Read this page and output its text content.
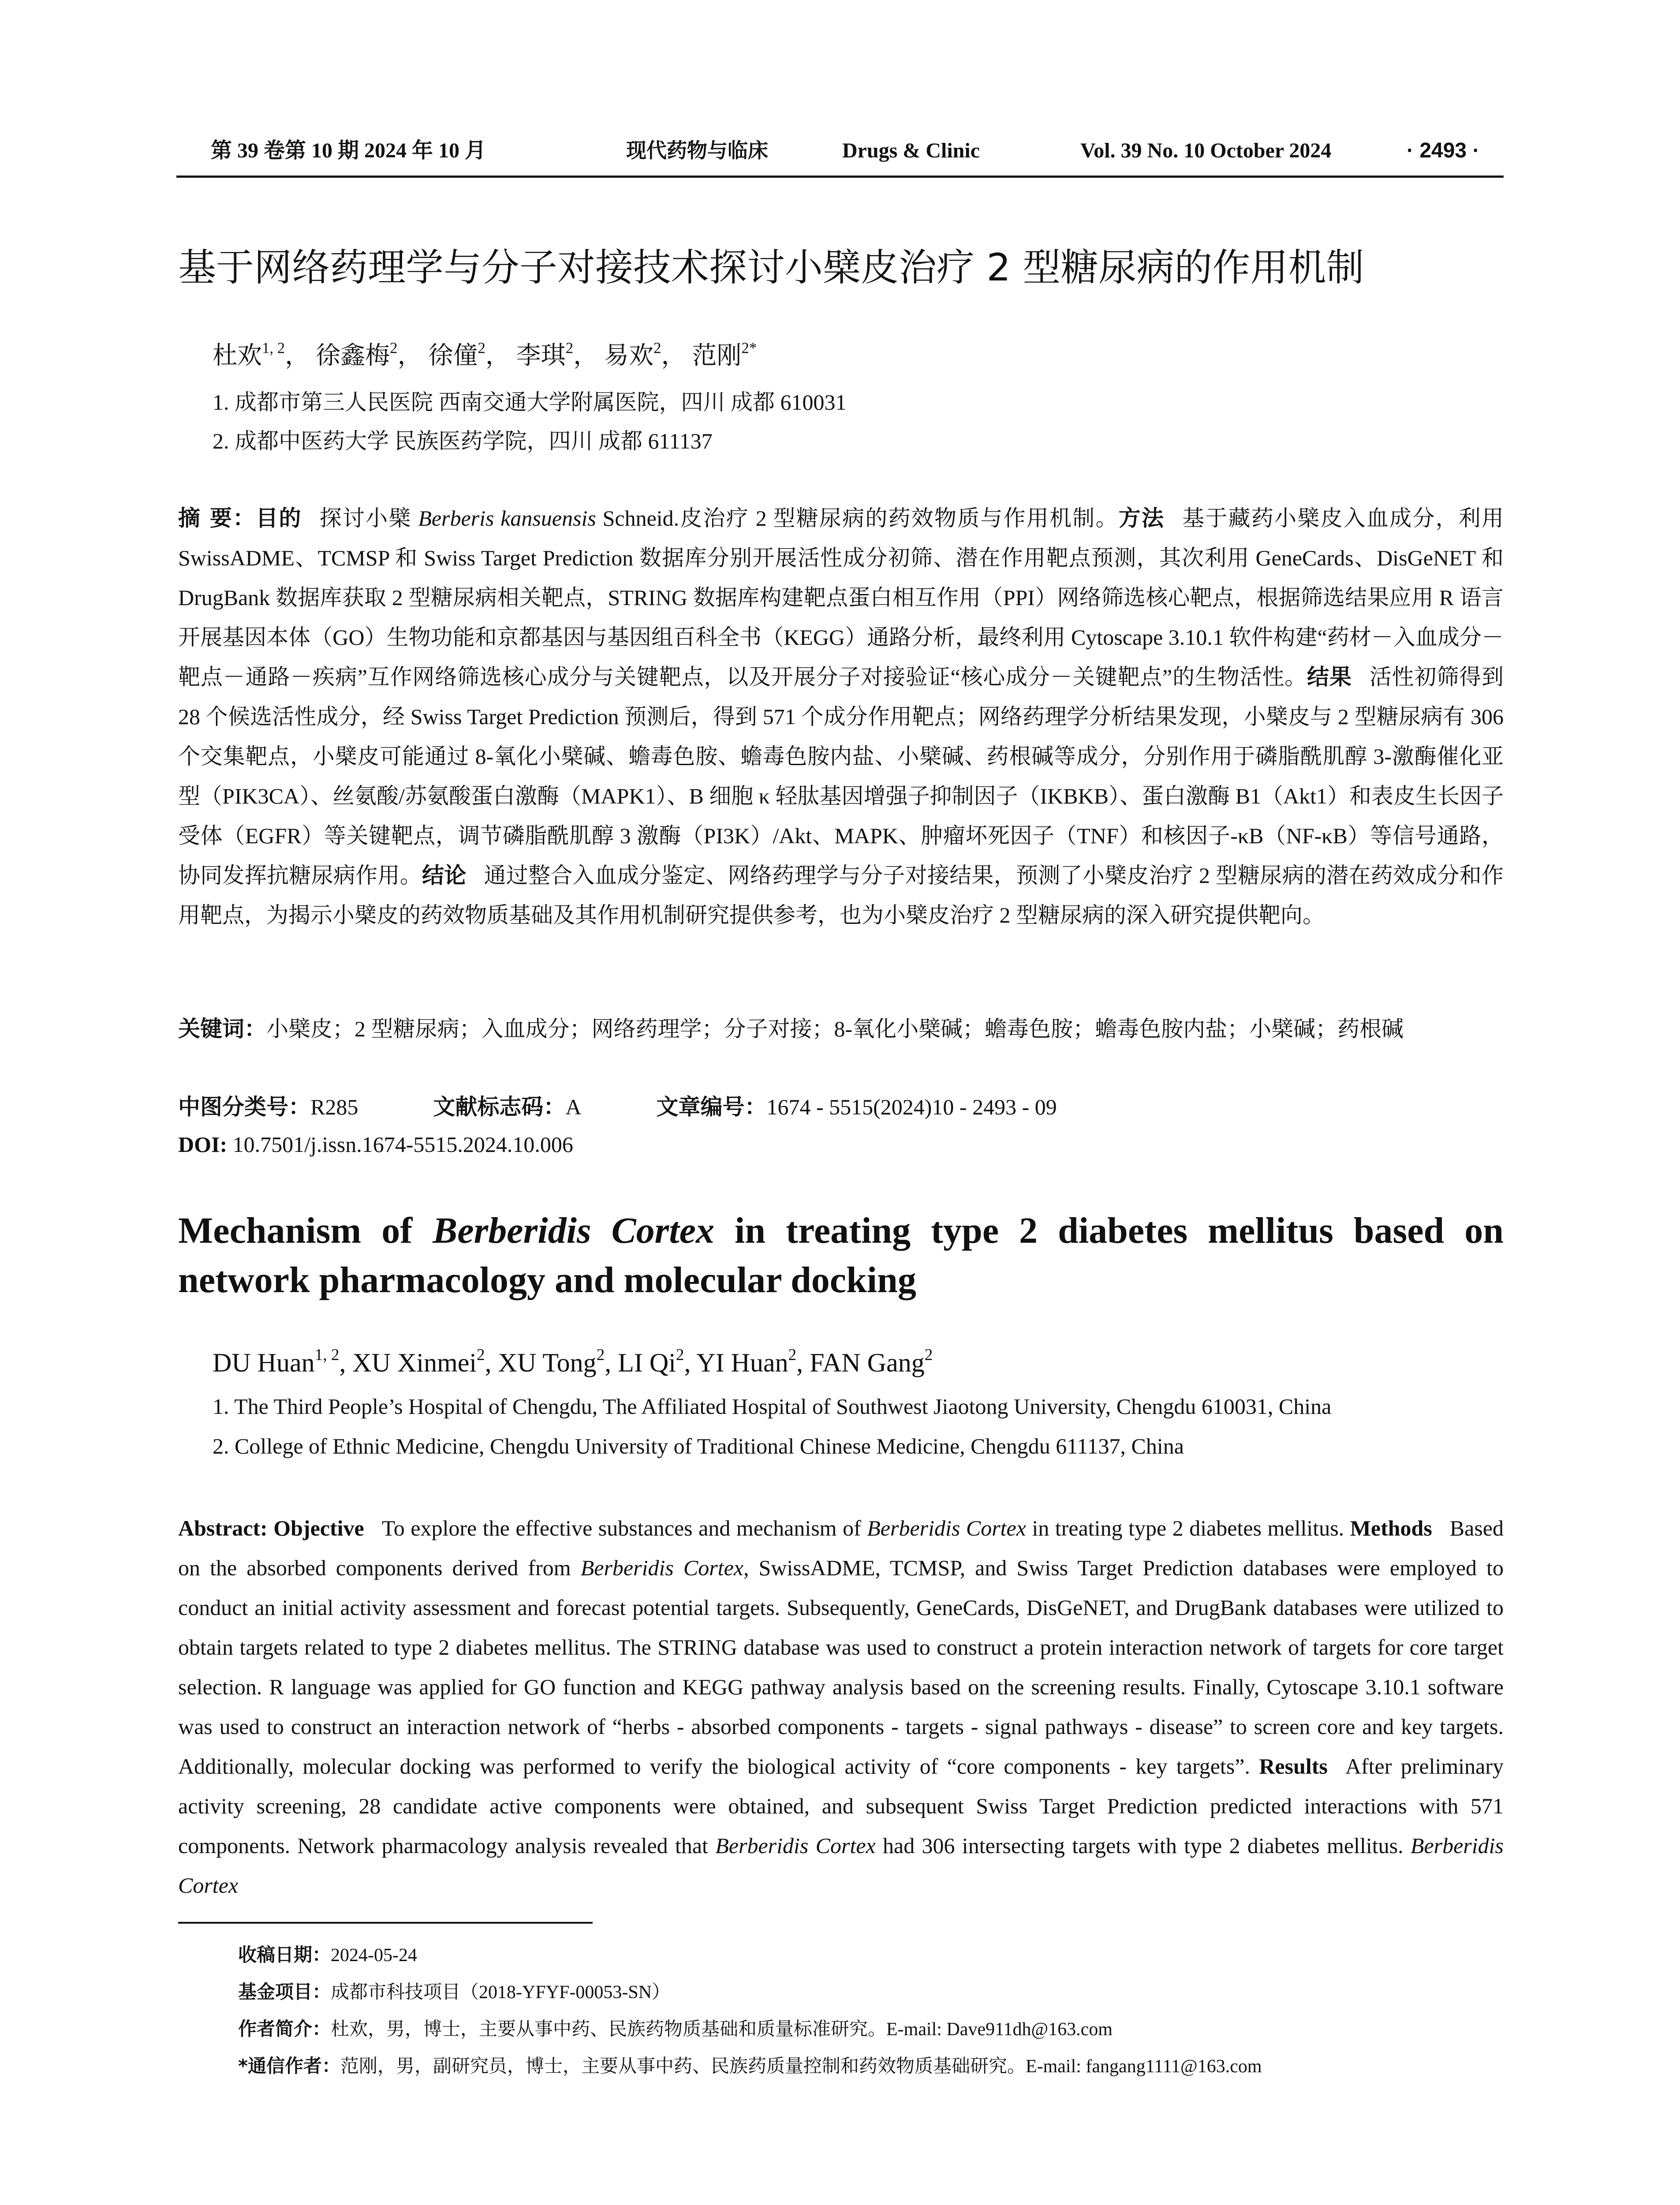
第 39 卷第 10 期 2024 年 10 月	现代药物与临床	Drugs & Clinic	Vol. 39 No. 10 October 2024	· 2493 ·
基于网络药理学与分子对接技术探讨小檗皮治疗 2 型糖尿病的作用机制
杜欢$^{1, 2}$， 徐鑫梅$^2$， 徐僮$^2$， 李琪$^2$， 易欢$^2$， 范刚$^{2*}$
1. 成都市第三人民医院 西南交通大学附属医院，四川 成都 610031
2. 成都中医药大学 民族医药学院，四川 成都 611137
摘 要：目的 探讨小檗 Berberis kansuensis Schneid.皮治疗 2 型糖尿病的药效物质与作用机制。方法 基于藏药小檗皮入血成分，利用 SwissADME、TCMSP 和 Swiss Target Prediction 数据库分别开展活性成分初筛、潜在作用靶点预测，其次利用 GeneCards、DisGeNET 和 DrugBank 数据库获取 2 型糖尿病相关靶点，STRING 数据库构建靶点蛋白相互作用（PPI）网络筛选核心靶点，根据筛选结果应用 R 语言开展基因本体（GO）生物功能和京都基因与基因组百科全书（KEGG）通路分析，最终利用 Cytoscape 3.10.1 软件构建“药材－入血成分－靶点－通路－疾病”互作网络筛选核心成分与关键靶点，以及开展分子对接验证“核心成分－关键靶点”的生物活性。结果 活性初筛得到 28 个候选活性成分，经 Swiss Target Prediction 预测后，得到 571 个成分作用靶点；网络药理学分析结果发现，小檗皮与 2 型糖尿病有 306 个交集靶点，小檗皮可能通过 8-氧化小檗碱、蟾毒色胺、蟾毒色胺内盐、小檗碱、药根碱等成分，分别作用于磷脂酰肌醇 3-激酶催化亚型（PIK3CA）、丝氨酸/苏氨酸蛋白激酶（MAPK1）、B 细胞 κ 轻肽基因增强子抑制因子（IKBKB）、蛋白激酶 B1（Akt1）和表皮生长因子受体（EGFR）等关键靶点，调节磷脂酰肌醇 3 激酶（PI3K）/Akt、MAPK、肿瘤坏死因子（TNF）和核因子-κB（NF-κB）等信号通路，协同发挥抗糖尿病作用。结论 通过整合入血成分鉴定、网络药理学与分子对接结果，预测了小檗皮治疗 2 型糖尿病的潜在药效成分和作用靶点，为揭示小檗皮的药效物质基础及其作用机制研究提供参考，也为小檗皮治疗 2 型糖尿病的深入研究提供靶向。
关键词：小檗皮；2 型糖尿病；入血成分；网络药理学；分子对接；8-氧化小檗碱；蟾毒色胺；蟾毒色胺内盐；小檗碱；药根碱
中图分类号：R285	文献标志码：A	文章编号：1674 - 5515(2024)10 - 2493 - 09
DOI: 10.7501/j.issn.1674-5515.2024.10.006
Mechanism of Berberidis Cortex in treating type 2 diabetes mellitus based on network pharmacology and molecular docking
DU Huan$^{1, 2}$, XU Xinmei$^2$, XU Tong$^2$, LI Qi$^2$, YI Huan$^2$, FAN Gang$^2$
1. The Third People’s Hospital of Chengdu, The Affiliated Hospital of Southwest Jiaotong University, Chengdu 610031, China
2. College of Ethnic Medicine, Chengdu University of Traditional Chinese Medicine, Chengdu 611137, China
Abstract: Objective To explore the effective substances and mechanism of Berberidis Cortex in treating type 2 diabetes mellitus. Methods Based on the absorbed components derived from Berberidis Cortex, SwissADME, TCMSP, and Swiss Target Prediction databases were employed to conduct an initial activity assessment and forecast potential targets. Subsequently, GeneCards, DisGeNET, and DrugBank databases were utilized to obtain targets related to type 2 diabetes mellitus. The STRING database was used to construct a protein interaction network of targets for core target selection. R language was applied for GO function and KEGG pathway analysis based on the screening results. Finally, Cytoscape 3.10.1 software was used to construct an interaction network of “herbs - absorbed components - targets - signal pathways - disease” to screen core and key targets. Additionally, molecular docking was performed to verify the biological activity of “core components - key targets”. Results After preliminary activity screening, 28 candidate active components were obtained, and subsequent Swiss Target Prediction predicted interactions with 571 components. Network pharmacology analysis revealed that Berberidis Cortex had 306 intersecting targets with type 2 diabetes mellitus. Berberidis Cortex
收稿日期：2024-05-24
基金项目：成都市科技项目（2018-YFYF-00053-SN）
作者简介：杜欢，男，博士，主要从事中药、民族药物质基础和质量标准研究。E-mail: Dave911dh@163.com
*通信作者：范刚，男，副研究员，博士，主要从事中药、民族药质量控制和药效物质基础研究。E-mail: fangang1111@163.com
